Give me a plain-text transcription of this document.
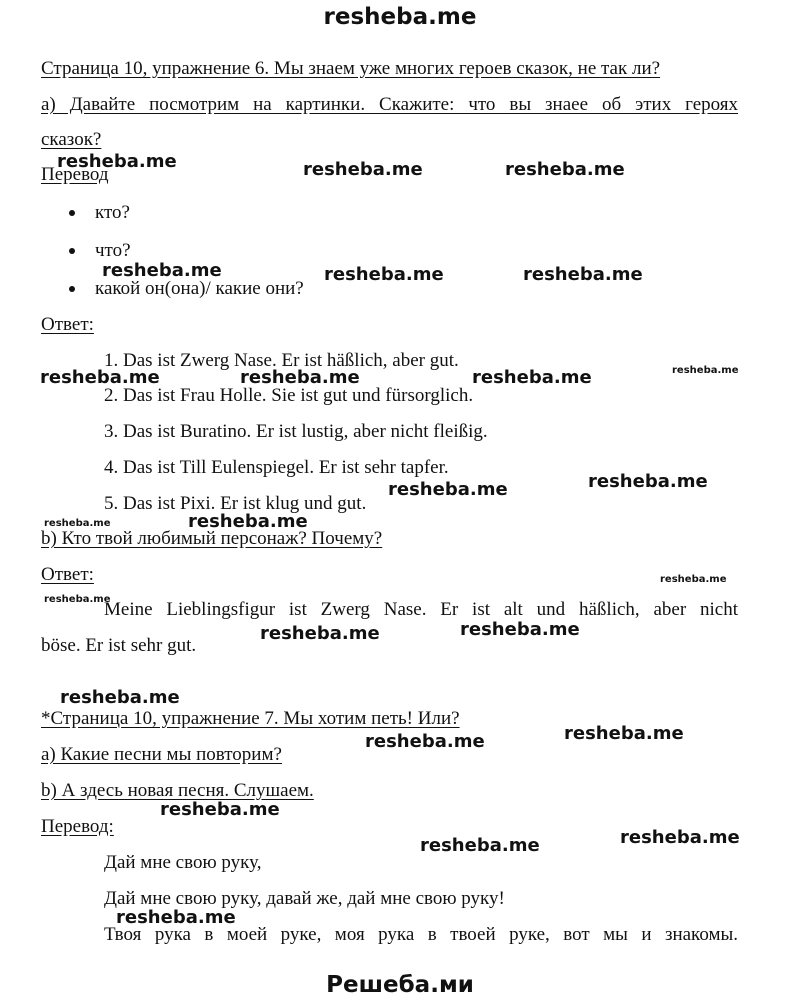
resheba.me
Страница 10, упражнение 6. Мы знаем уже многих героев сказок, не так ли?
а) Давайте посмотрим на картинки. Скажите: что вы знаее об этих героях
сказок?
Перевод
кто?
что?
какой он(она)/ какие они?
Ответ:
1. Das ist Zwerg Nase. Er ist häßlich, aber gut.
2. Das ist Frau Holle. Sie ist gut und fürsorglich.
3. Das ist Buratino. Er ist lustig, aber nicht fleißig.
4. Das ist Till Eulenspiegel. Er ist sehr tapfer.
5. Das ist Pixi. Er ist klug und gut.
b) Кто твой любимый персонаж? Почему?
Ответ:
Meine Lieblingsfigur ist Zwerg Nase. Er ist alt und häßlich, aber nicht
böse. Er ist sehr gut.
*Страница 10, упражнение 7. Мы хотим петь! Или?
а) Какие песни мы повторим?
b) А здесь новая песня. Слушаем.
Перевод:
Дай мне свою руку,
Дай мне свою руку, давай же, дай мне свою руку!
Твоя рука в моей руке, моя рука в твоей руке, вот мы и знакомы.
resheba.me	resheba.me	resheba.me
resheba.me	resheba.me	resheba.me
resheba.me	resheba.me	resheba.me	resheba.me
resheba.me	resheba.me
resheba.me	resheba.me
resheba.me
resheba.me
resheba.me	resheba.me
resheba.me
resheba.me	resheba.me
resheba.me
resheba.me	resheba.me
resheba.me
Решеба.ми
